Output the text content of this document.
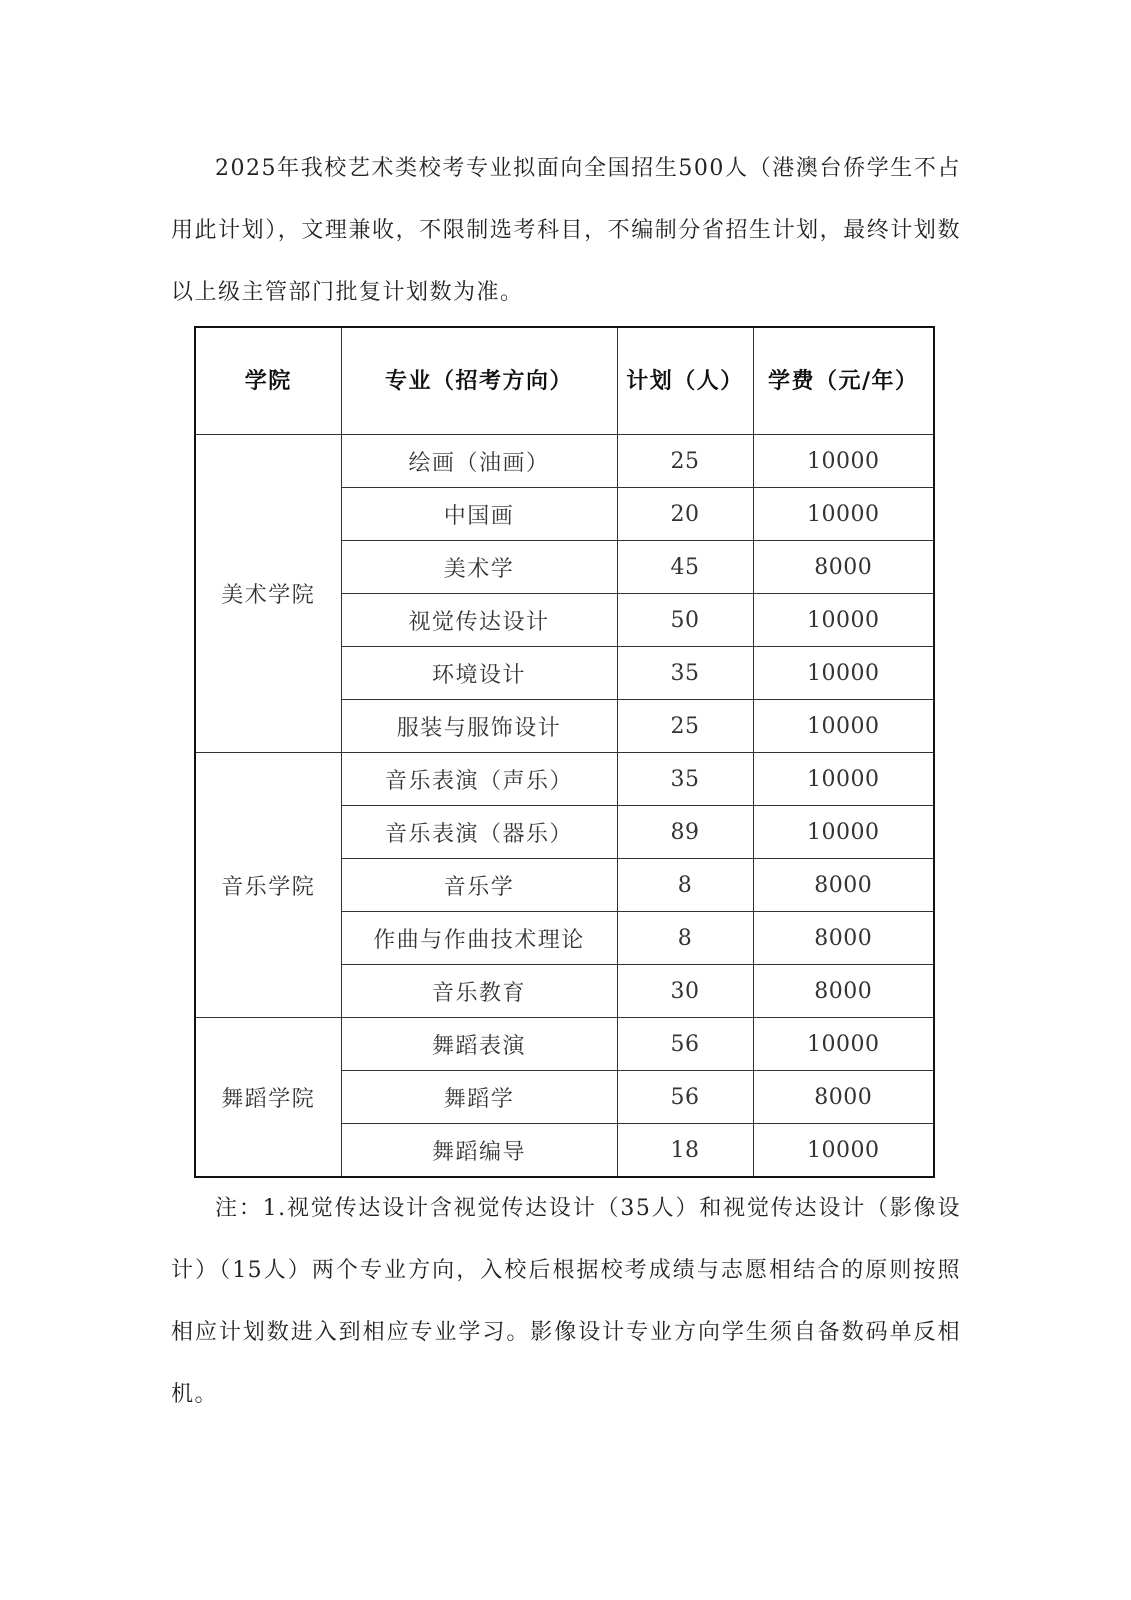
2025年我校艺术类校考专业拟面向全国招生500人（港澳台侨学生不占用此计划），文理兼收，不限制选考科目，不编制分省招生计划，最终计划数以上级主管部门批复计划数为准。

学院	专业（招考方向）	计划（人）	学费（元/年）
美术学院	绘画（油画）	25	10000
	中国画	20	10000
	美术学	45	8000
	视觉传达设计	50	10000
	环境设计	35	10000
	服装与服饰设计	25	10000
音乐学院	音乐表演（声乐）	35	10000
	音乐表演（器乐）	89	10000
	音乐学	8	8000
	作曲与作曲技术理论	8	8000
	音乐教育	30	8000
舞蹈学院	舞蹈表演	56	10000
	舞蹈学	56	8000
	舞蹈编导	18	10000

注：1.视觉传达设计含视觉传达设计（35人）和视觉传达设计（影像设计）（15人）两个专业方向，入校后根据校考成绩与志愿相结合的原则按照相应计划数进入到相应专业学习。影像设计专业方向学生须自备数码单反相机。
